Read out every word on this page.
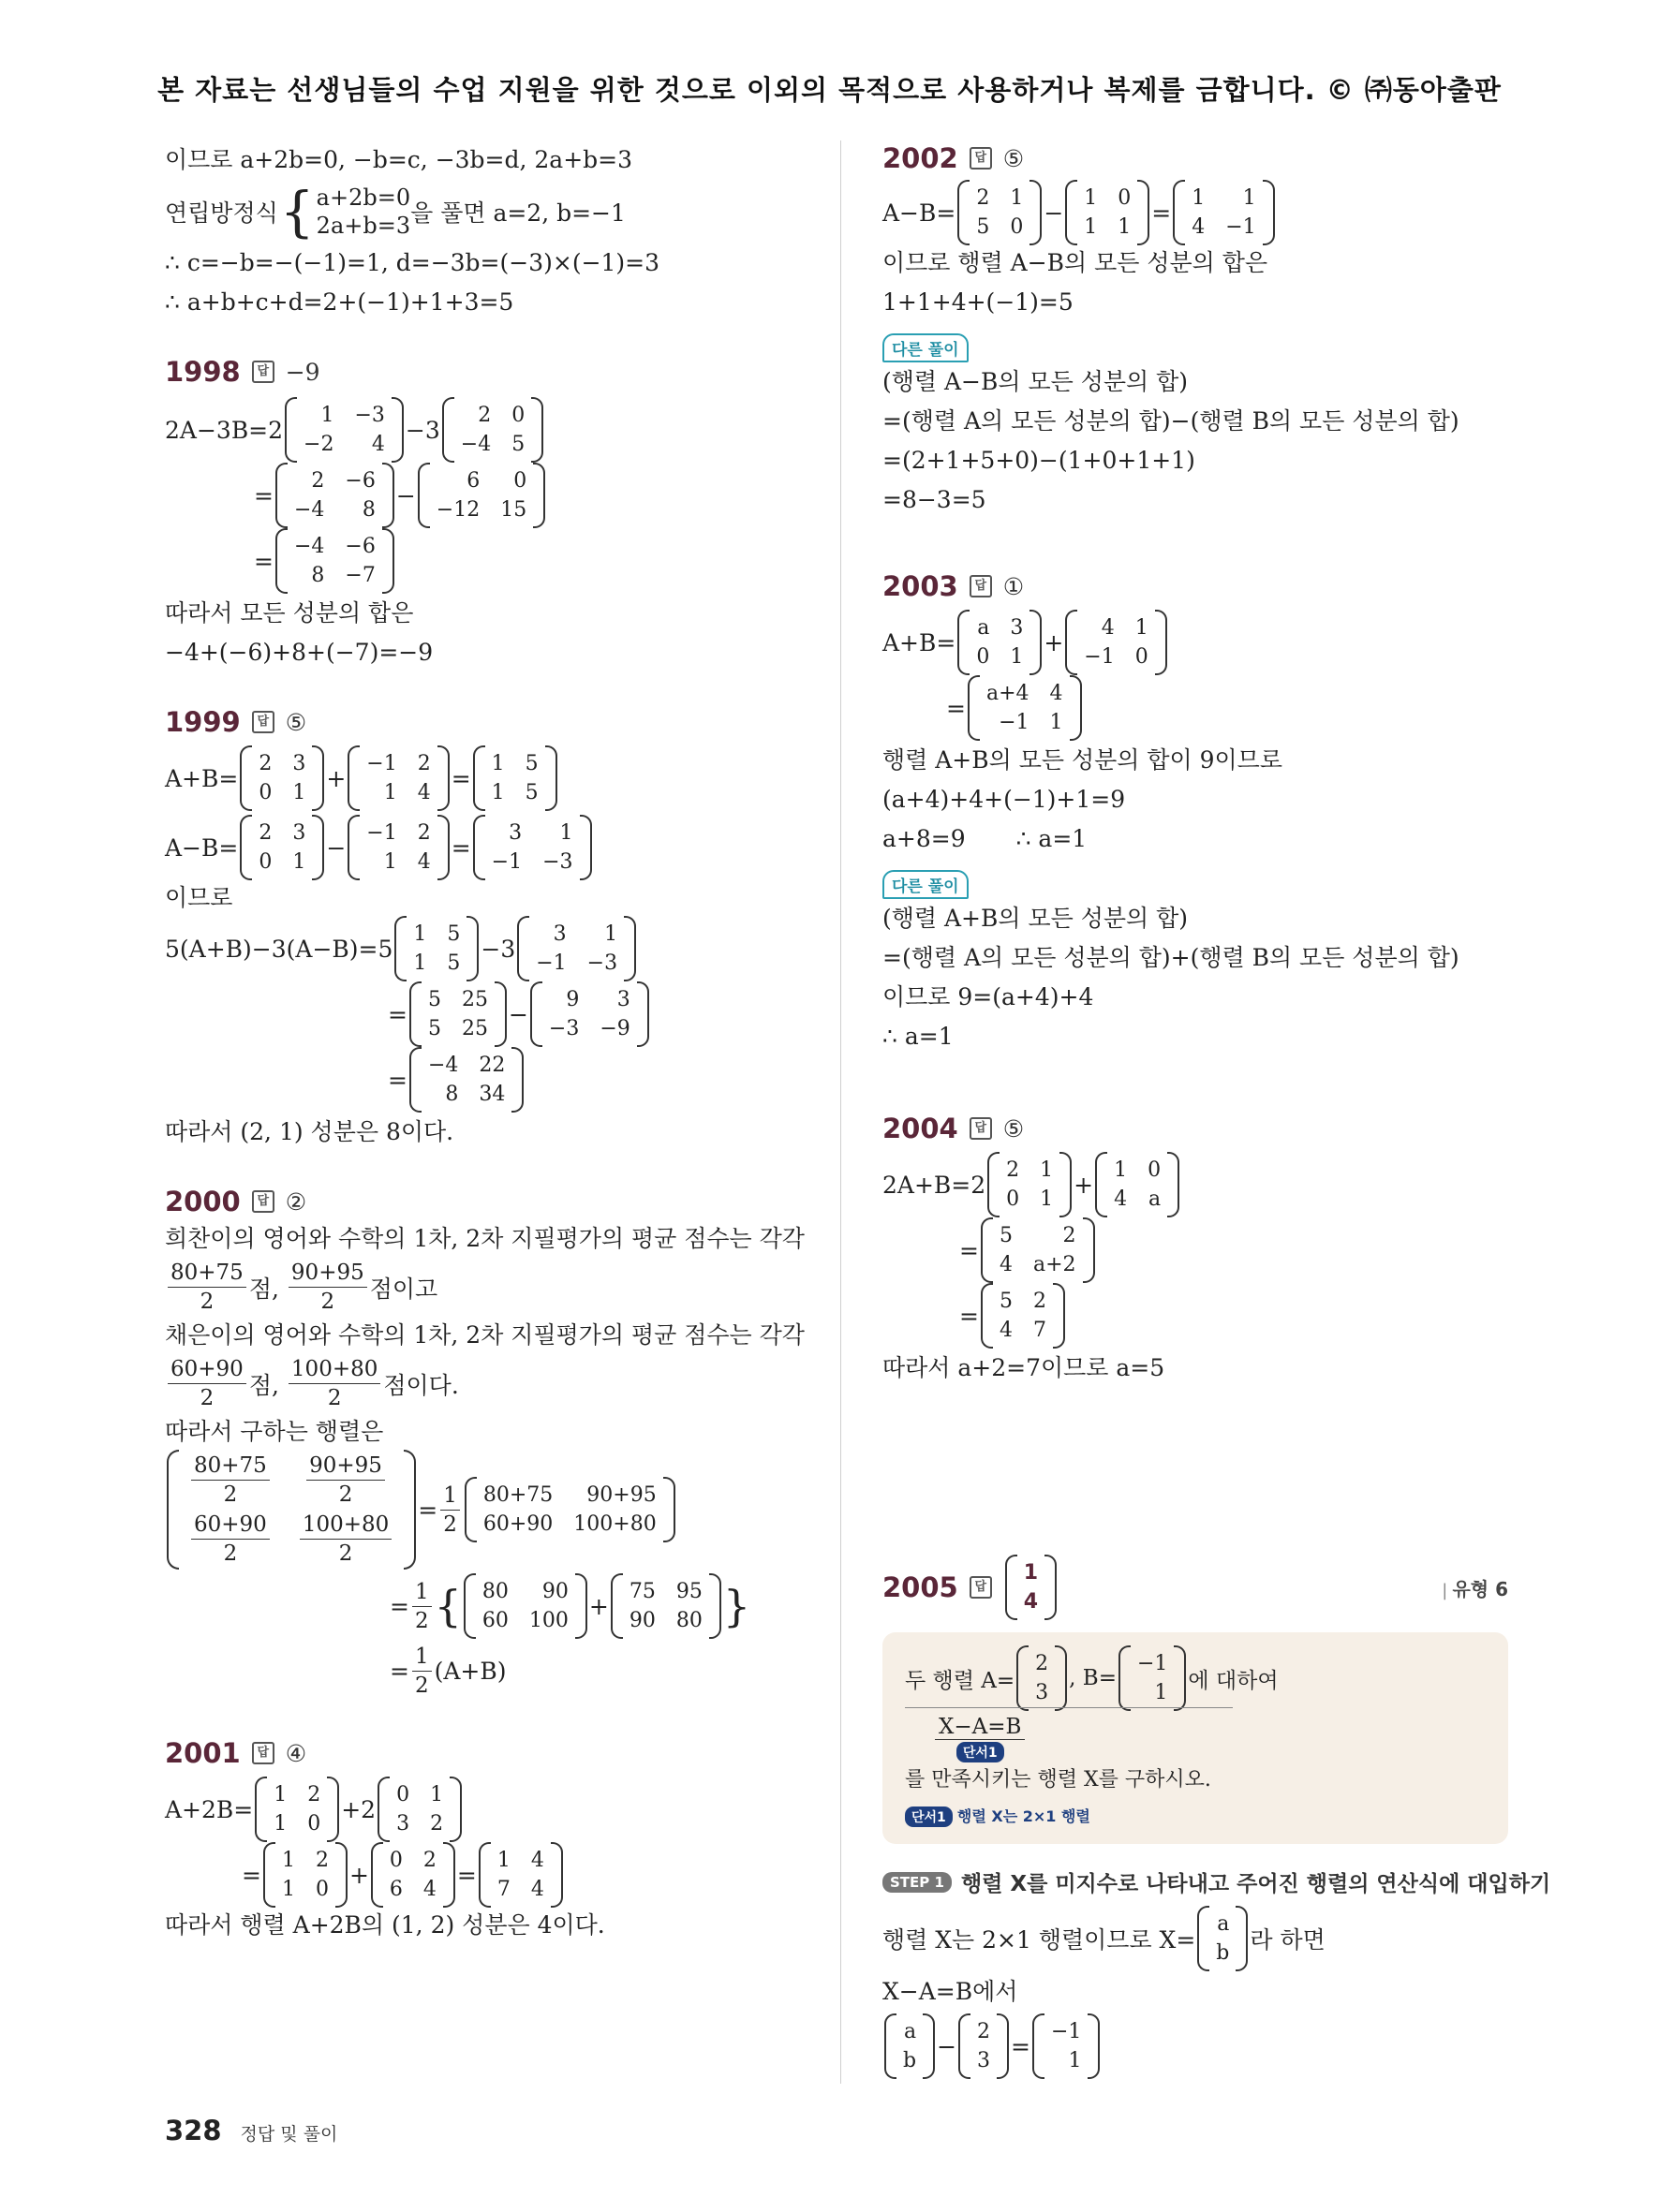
본 자료는 선생님들의 수업 지원을 위한 것으로 이외의 목적으로 사용하거나 복제를 금합니다. © ㈜동아출판

이므로 a+2b=0, −b=c, −3b=d, 2a+b=3

연립방정식 { a+2b=0
2a+b=3 을 풀면 a=2, b=−1

∴ c=−b=−(−1)=1, d=−3b=(−3)×(−1)=3

∴ a+b+c+d=2+(−1)+1+3=5

1998	답 −9
2A−3B=2
1 −3
−2	4
−3
2 0
−4 5
=
2 −6
−4	8
−
6	0
−12 15
=
−4 −6
8 −7

따라서 모든 성분의 합은

−4+(−6)+8+(−7)=−9

1999	답 ⑤
A+B=
2 3
0 1
+
−1 2
1 4
=
1 5
1 5
A−B=
2 3
0 1
−
−1 2
1 4
=
3	1
−1 −3

이므로

5(A+B)−3(A−B)=5
1 5
1 5
−3
3	1
−1 −3
=
5 25
5 25
−
9	3
−3 −9
=
−4 22
8 34

따라서 (2, 1) 성분은 8이다.

2000	답 ②

희찬이의 영어와 수학의 1차, 2차 지필평가의 평균 점수는 각각

$\frac{80+75}{2}$ 점, $\frac{90+95}{2}$ 점이고

채은이의 영어와 수학의 1차, 2차 지필평가의 평균 점수는 각각

$\frac{60+90}{2}$ 점, $\frac{100+80}{2}$ 점이다.

따라서 구하는 행렬은

$\frac{80+75}{2} \frac{90+95}{2}$
$\frac{60+90}{2} \frac{100+80}{2}$
= $\frac{1}{2} 80+75$	90+95
60+90 100+80
= $\frac{1}{2}$ { 80	90
60 100
+
75 95
90 80 }
= $\frac{1}{2} (A+B)$
2001	답 ④
A+2B=
1 2
1 0
+2
0 1
3 2
=
1 2
1 0
+
0 2
6 4
=
1 4
7 4

따라서 행렬 A+2B의 (1, 2) 성분은 4이다.

2002	답 ⑤
A−B=
2 1
5 0
−
1 0
1 1
=
1	1
4 −1

이므로 행렬 A−B의 모든 성분의 합은

1+1+4+(−1)=5

다른 풀이

(행렬 A−B의 모든 성분의 합)

=(행렬 A의 모든 성분의 합)−(행렬 B의 모든 성분의 합)

=(2+1+5+0)−(1+0+1+1)

=8−3=5

2003	답 ①
A+B=
a 3
0 1
+
4 1
−1 0
=
a+4 4
−1 1

행렬 A+B의 모든 성분의 합이 9이므로

(a+4)+4+(−1)+1=9

a+8=9 ∴ a=1

다른 풀이

(행렬 A+B의 모든 성분의 합)

=(행렬 A의 모든 성분의 합)+(행렬 B의 모든 성분의 합)

이므로 9=(a+4)+4

∴ a=1

2004	답 ⑤
2A+B=2
2 1
0 1
+
1 0
4 a
=
5	2
4 a+2
=
5 2
4 7

따라서 a+2=7이므로 a=5

2005	답
1
4	| 유형 6
두 행렬 A=
2
3
, B=
−1
1 에 대하여
X−A=B
단서1

를 만족시키는 행렬 X를 구하시오.

단서1 행렬 X는 2×1 행렬
STEP 1 행렬 X를 미지수로 나타내고 주어진 행렬의 연산식에 대입하기
행렬 X는 2×1 행렬이므로 X=
a
b 라 하면

X−A=B에서

a
b
−
2
3
=
−1
1
328 정답 및 풀이
